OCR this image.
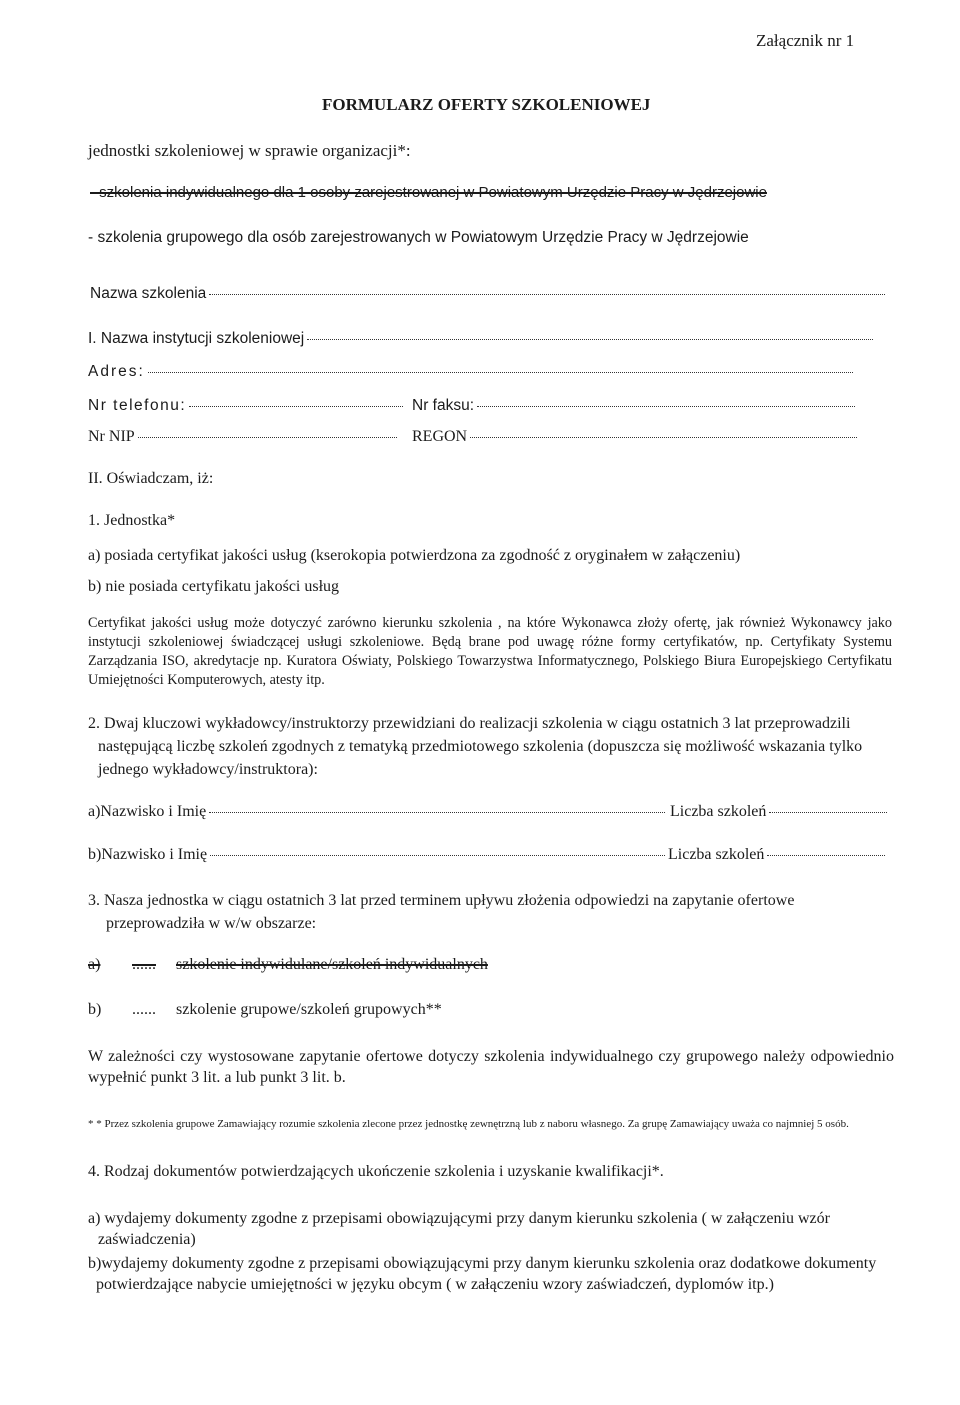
Załącznik nr 1
FORMULARZ OFERTY SZKOLENIOWEJ
jednostki szkoleniowej w sprawie organizacji*:
- szkolenia indywidualnego dla 1 osoby zarejestrowanej w Powiatowym Urzędzie Pracy w Jędrzejowie
- szkolenia grupowego dla osób zarejestrowanych w Powiatowym Urzędzie Pracy w Jędrzejowie
Nazwa szkolenia
I. Nazwa instytucji szkoleniowej
Adres:
Nr telefonu:	Nr faksu:
Nr NIP	REGON
II. Oświadczam, iż:
1. Jednostka*
a) posiada certyfikat jakości usług (kserokopia potwierdzona za zgodność z oryginałem w załączeniu)
b) nie posiada certyfikatu jakości usług
Certyfikat jakości usług może dotyczyć zarówno kierunku szkolenia , na które Wykonawca złoży ofertę, jak również Wykonawcy jako instytucji szkoleniowej świadczącej usługi szkoleniowe. Będą brane pod uwagę różne formy certyfikatów, np. Certyfikaty Systemu Zarządzania ISO, akredytacje np. Kuratora Oświaty, Polskiego Towarzystwa Informatycznego, Polskiego Biura Europejskiego Certyfikatu Umiejętności Komputerowych, atesty itp.
2. Dwaj kluczowi wykładowcy/instruktorzy przewidziani do realizacji szkolenia w ciągu ostatnich 3 lat przeprowadzili następującą liczbę szkoleń zgodnych z tematyką przedmiotowego szkolenia (dopuszcza się możliwość wskazania tylko jednego wykładowcy/instruktora):
a)Nazwisko i Imię	Liczba szkoleń
b)Nazwisko i Imię	Liczba szkoleń
3. Nasza jednostka w ciągu ostatnich 3 lat przed terminem upływu złożenia odpowiedzi na zapytanie ofertowe przeprowadziła w w/w obszarze:
a) ...... szkolenie indywidulane/szkoleń indywidualnych
b) ...... szkolenie grupowe/szkoleń grupowych**
W zależności czy wystosowane zapytanie ofertowe dotyczy szkolenia indywidualnego czy grupowego należy odpowiednio wypełnić punkt 3 lit. a lub punkt 3 lit. b.
* * Przez szkolenia grupowe Zamawiający rozumie szkolenia zlecone przez jednostkę zewnętrzną lub z naboru własnego. Za grupę Zamawiający uważa co najmniej 5 osób.
4. Rodzaj dokumentów potwierdzających ukończenie szkolenia i uzyskanie kwalifikacji*.
a) wydajemy dokumenty zgodne z przepisami obowiązującymi przy danym kierunku szkolenia ( w załączeniu wzór zaświadczenia)
b)wydajemy dokumenty zgodne z przepisami obowiązującymi przy danym kierunku szkolenia oraz dodatkowe dokumenty potwierdzające nabycie umiejętności w języku obcym ( w załączeniu wzory zaświadczeń, dyplomów itp.)
